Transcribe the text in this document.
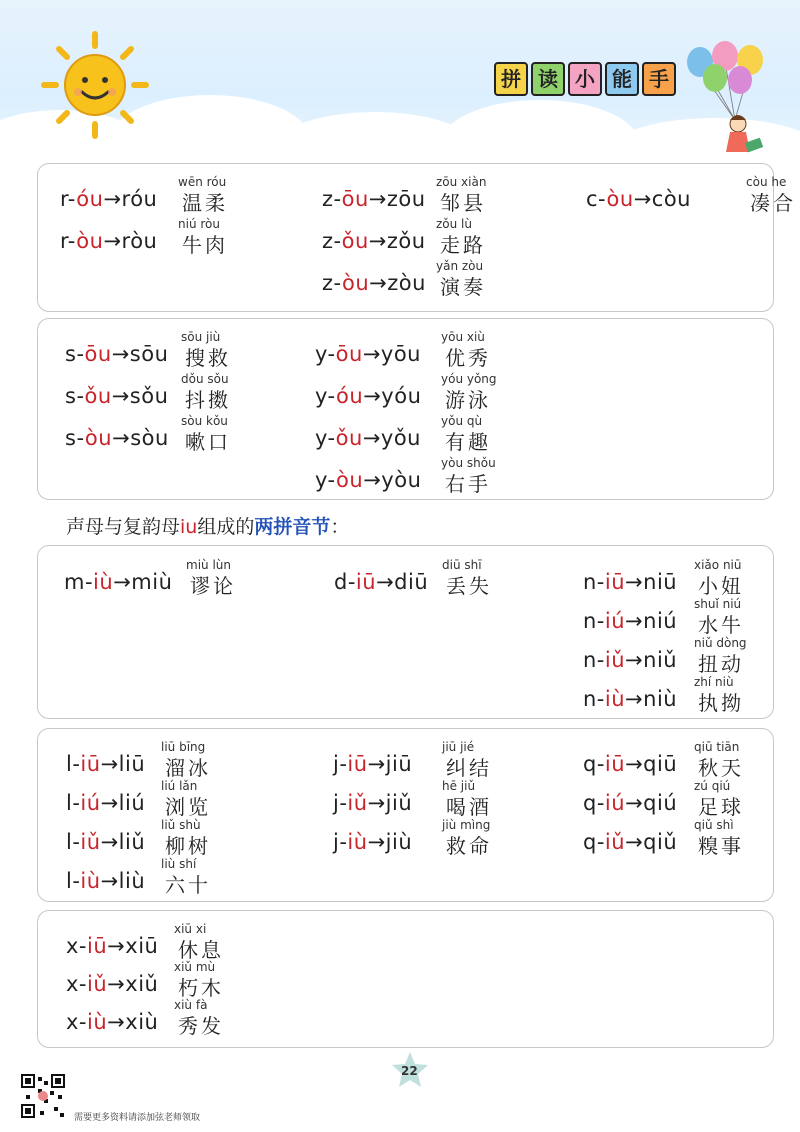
拼 读 小 能 手
声母与复韵母iu组成的两拼音节：
22
需要更多资料请添加弦老师领取
r-óu→róu
wēn róu
温柔
r-òu→ròu
niú ròu
牛肉
z-ōu→zōu
zōu xiàn
邹县
z-ǒu→zǒu
zǒu lù
走路
z-òu→zòu
yǎn zòu
演奏
c-òu→còu
còu he
凑合
s-ōu→sōu
sōu jiù
搜救
s-ǒu→sǒu
dǒu sǒu
抖擞
s-òu→sòu
sòu kǒu
嗽口
y-ōu→yōu
yōu xiù
优秀
y-óu→yóu
yóu yǒng
游泳
y-ǒu→yǒu
yǒu qù
有趣
y-òu→yòu
yòu shǒu
右手
m-iù→miù
miù lùn
谬论	d-iū→diū
diū shī
丢失	n-iū→niū
xiǎo niū
小妞
n-iú→niú
shuǐ niú
水牛
n-iǔ→niǔ
niǔ dòng
扭动
n-iù→niù
zhí niù
执拗
l-iū→liū
liū bīng
溜冰
l-iú→liú
liú lǎn
浏览
l-iǔ→liǔ
liǔ shù
柳树
l-iù→liù
liù shí
六十
j-iū→jiū
jiū jié
纠结
j-iǔ→jiǔ
hē jiǔ
喝酒
j-iù→jiù
jiù mìng
救命
q-iū→qiū
qiū tiān
秋天
q-iú→qiú
zú qiú
足球
q-iǔ→qiǔ
qiǔ shì
糗事
x-iū→xiū
xiū xi
休息
x-iǔ→xiǔ
xiǔ mù
朽木
x-iù→xiù
xiù fà
秀发
